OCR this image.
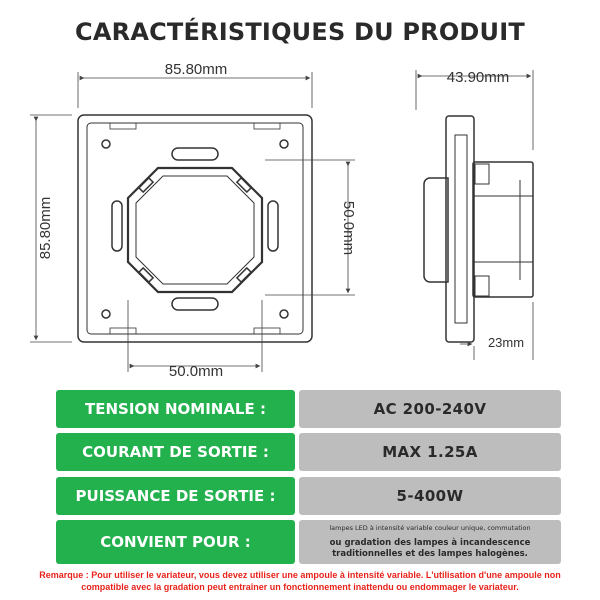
CARACTÉRISTIQUES DU PRODUIT
85.80mm
85.80mm
50.0mm
50.0mm
43.90mm
23mm
TENSION NOMINALE :	AC 200-240V
COURANT DE SORTIE :	MAX 1.25A
PUISSANCE DE SORTIE :	5-400W
CONVIENT POUR :
lampes LED à intensité variable couleur unique, commutation
ou gradation des lampes à incandescence
traditionnelles et des lampes halogènes.
Remarque : Pour utiliser le variateur, vous devez utiliser une ampoule à intensité variable. L'utilisation d'une ampoule non
compatible avec la gradation peut entraîner un fonctionnement inattendu ou endommager le variateur.
